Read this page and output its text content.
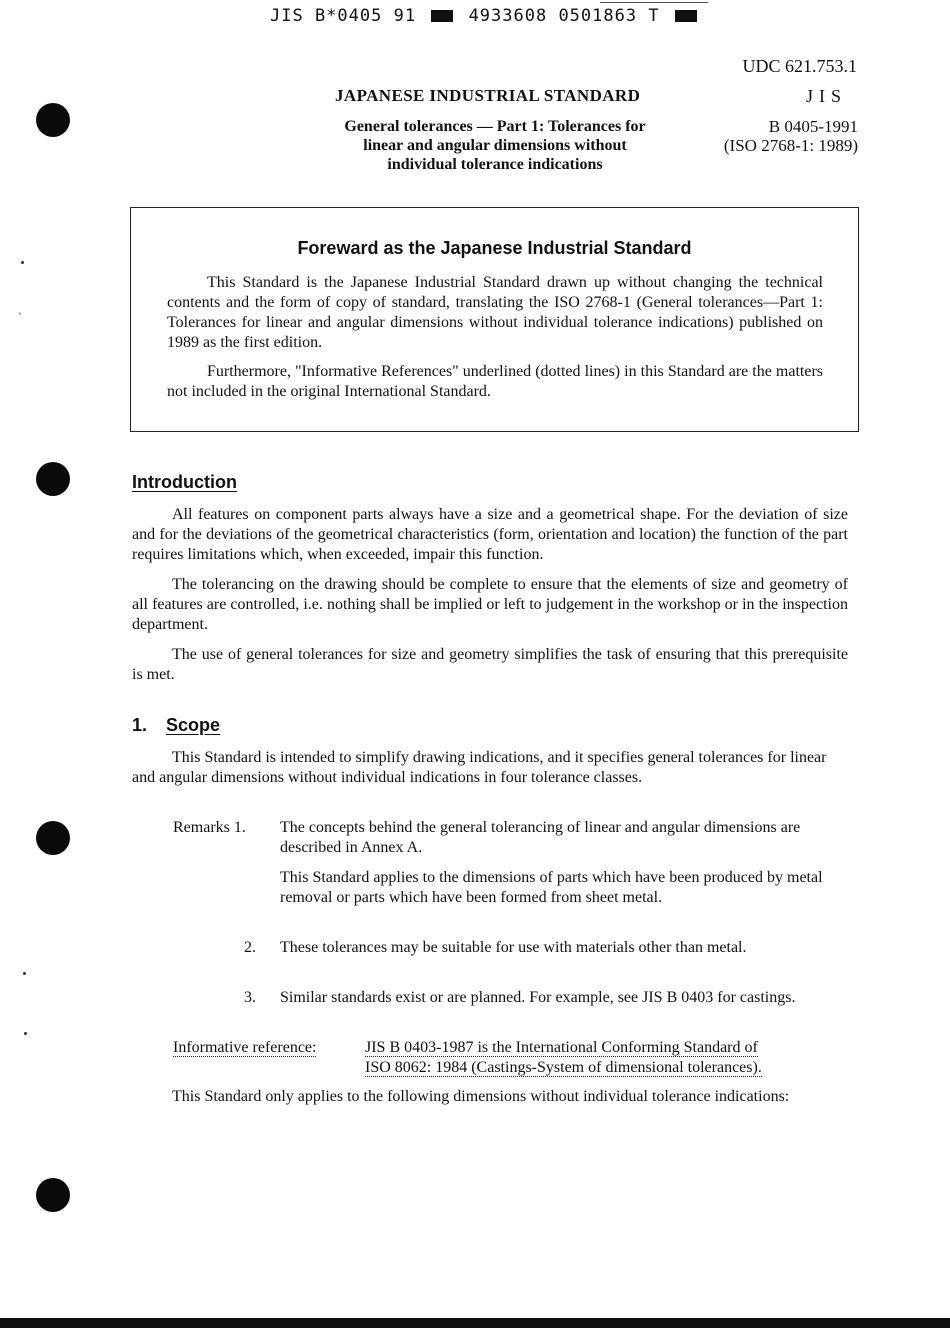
JIS B*0405 91	4933608 0501863 T
UDC 621.753.1
JIS
JAPANESE INDUSTRIAL STANDARD
General tolerances — Part 1: Tolerances for
linear and angular dimensions without
individual tolerance indications
B 0405-1991
(ISO 2768-1: 1989)
ˋ
Foreward as the Japanese Industrial Standard

This Standard is the Japanese Industrial Standard drawn up without changing the technical contents and the form of copy of standard, translating the ISO 2768-1 (General tolerances—Part 1: Tolerances for linear and angular dimensions without individual tolerance indications) published on 1989 as the first edition.

Furthermore, "Informative References" underlined (dotted lines) in this Standard are the matters not included in the original International Standard.

Introduction

All features on component parts always have a size and a geometrical shape. For the deviation of size and for the deviations of the geometrical characteristics (form, orientation and location) the function of the part requires limitations which, when exceeded, impair this function.

The tolerancing on the drawing should be complete to ensure that the elements of size and geometry of all features are controlled, i.e. nothing shall be implied or left to judgement in the workshop or in the inspection department.

The use of general tolerances for size and geometry simplifies the task of ensuring that this prerequisite is met.

1. Scope

This Standard is intended to simplify drawing indications, and it specifies general tolerances for linear and angular dimensions without individual indications in four tolerance classes.

Remarks 1.	The concepts behind the general tolerancing of linear and angular dimensions are described in Annex A.
This Standard applies to the dimensions of parts which have been produced by metal removal or parts which have been formed from sheet metal.
2.	These tolerances may be suitable for use with materials other than metal.
3.	Similar standards exist or are planned. For example, see JIS B 0403 for castings.
Informative reference:	JIS B 0403-1987 is the International Conforming Standard of
ISO 8062: 1984 (Castings-System of dimensional tolerances).

This Standard only applies to the following dimensions without individual tolerance indications:
